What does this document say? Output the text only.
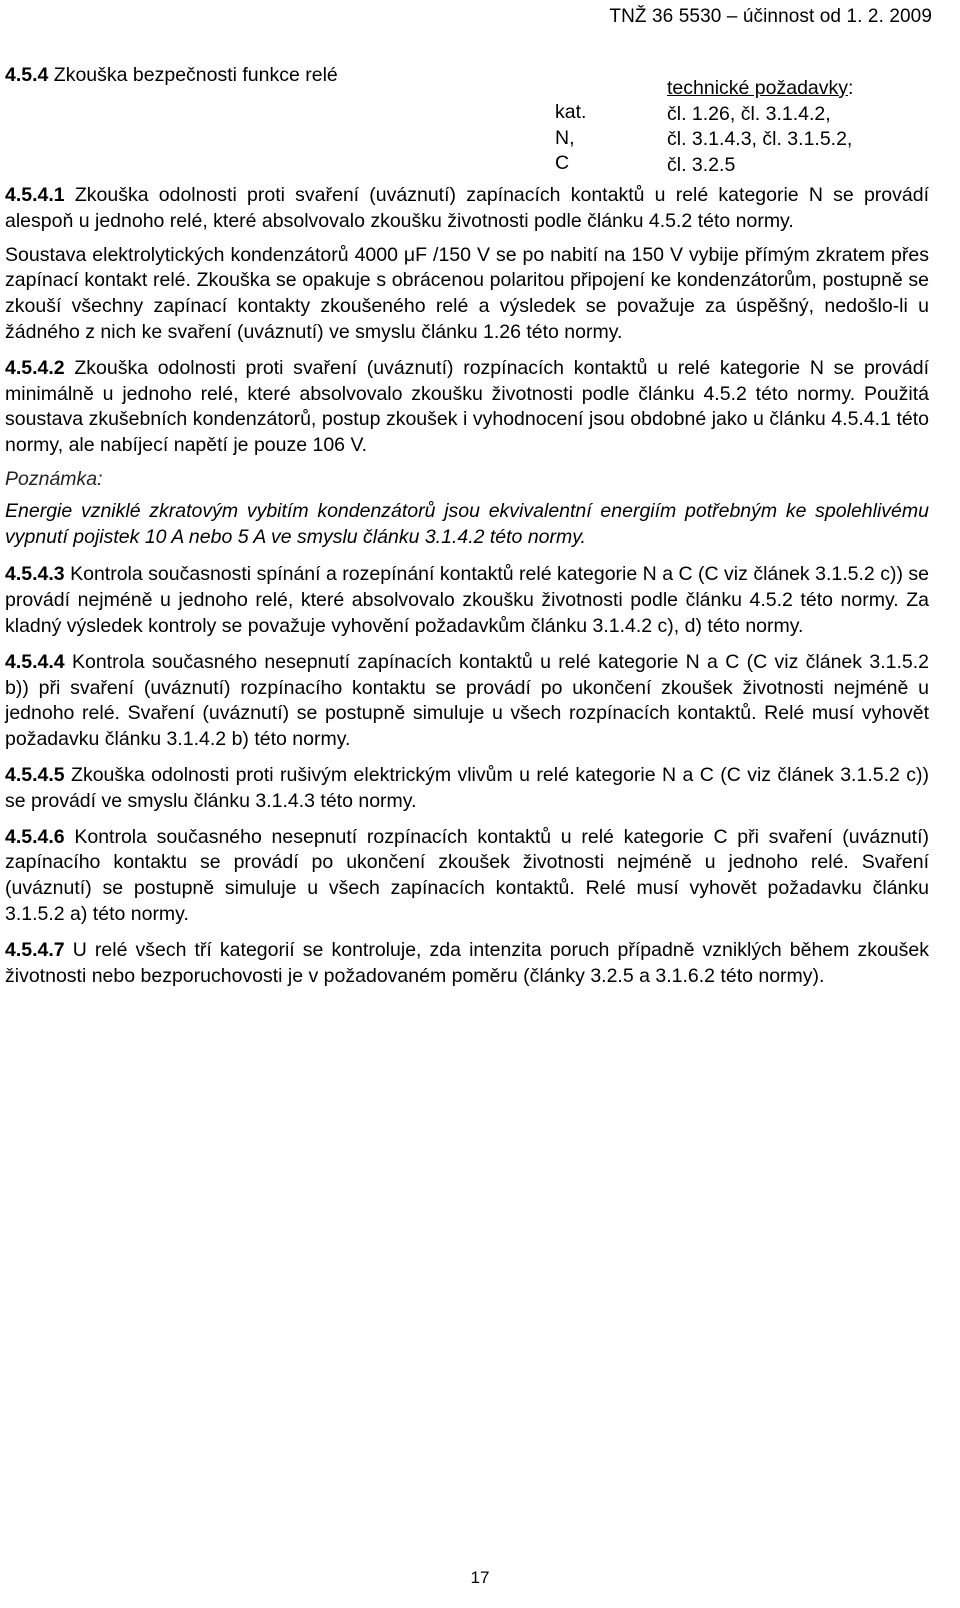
TNŽ 36 5530 – účinnost od 1. 2. 2009
4.5.4 Zkouška bezpečnosti funkce relé
kat. N, C
technické požadavky:
čl. 1.26, čl. 3.1.4.2,
čl. 3.1.4.3, čl. 3.1.5.2,
čl. 3.2.5

4.5.4.1 Zkouška odolnosti proti svaření (uváznutí) zapínacích kontaktů u relé kategorie N se provádí alespoň u jednoho relé, které absolvovalo zkoušku životnosti podle článku 4.5.2 této normy.

Soustava elektrolytických kondenzátorů 4000 μF /150 V se po nabití na 150 V vybije přímým zkratem přes zapínací kontakt relé. Zkouška se opakuje s obrácenou polaritou připojení ke kondenzátorům, postupně se zkouší všechny zapínací kontakty zkoušeného relé a výsledek se považuje za úspěšný, nedošlo-li u žádného z nich ke svaření (uváznutí) ve smyslu článku 1.26 této normy.

4.5.4.2 Zkouška odolnosti proti svaření (uváznutí) rozpínacích kontaktů u relé kategorie N se provádí minimálně u jednoho relé, které absolvovalo zkoušku životnosti podle článku 4.5.2 této normy. Použitá soustava zkušebních kondenzátorů, postup zkoušek i vyhodnocení jsou obdobné jako u článku 4.5.4.1 této normy, ale nabíjecí napětí je pouze 106 V.

Poznámka:

Energie vzniklé zkratovým vybitím kondenzátorů jsou ekvivalentní energiím potřebným ke spolehlivému vypnutí pojistek 10 A nebo 5 A ve smyslu článku 3.1.4.2 této normy.

4.5.4.3 Kontrola současnosti spínání a rozepínání kontaktů relé kategorie N a C (C viz článek 3.1.5.2 c)) se provádí nejméně u jednoho relé, které absolvovalo zkoušku životnosti podle článku 4.5.2 této normy. Za kladný výsledek kontroly se považuje vyhovění požadavkům článku 3.1.4.2 c), d) této normy.

4.5.4.4 Kontrola současného nesepnutí zapínacích kontaktů u relé kategorie N a C (C viz článek 3.1.5.2 b)) při svaření (uváznutí) rozpínacího kontaktu se provádí po ukončení zkoušek životnosti nejméně u jednoho relé. Svaření (uváznutí) se postupně simuluje u všech rozpínacích kontaktů. Relé musí vyhovět požadavku článku 3.1.4.2 b) této normy.

4.5.4.5 Zkouška odolnosti proti rušivým elektrickým vlivům u relé kategorie N a C (C viz článek 3.1.5.2 c)) se provádí ve smyslu článku 3.1.4.3 této normy.

4.5.4.6 Kontrola současného nesepnutí rozpínacích kontaktů u relé kategorie C při svaření (uváznutí) zapínacího kontaktu se provádí po ukončení zkoušek životnosti nejméně u jednoho relé. Svaření (uváznutí) se postupně simuluje u všech zapínacích kontaktů. Relé musí vyhovět požadavku článku 3.1.5.2 a) této normy.

4.5.4.7 U relé všech tří kategorií se kontroluje, zda intenzita poruch případně vzniklých během zkoušek životnosti nebo bezporuchovosti je v požadovaném poměru (články 3.2.5 a 3.1.6.2 této normy).

17
